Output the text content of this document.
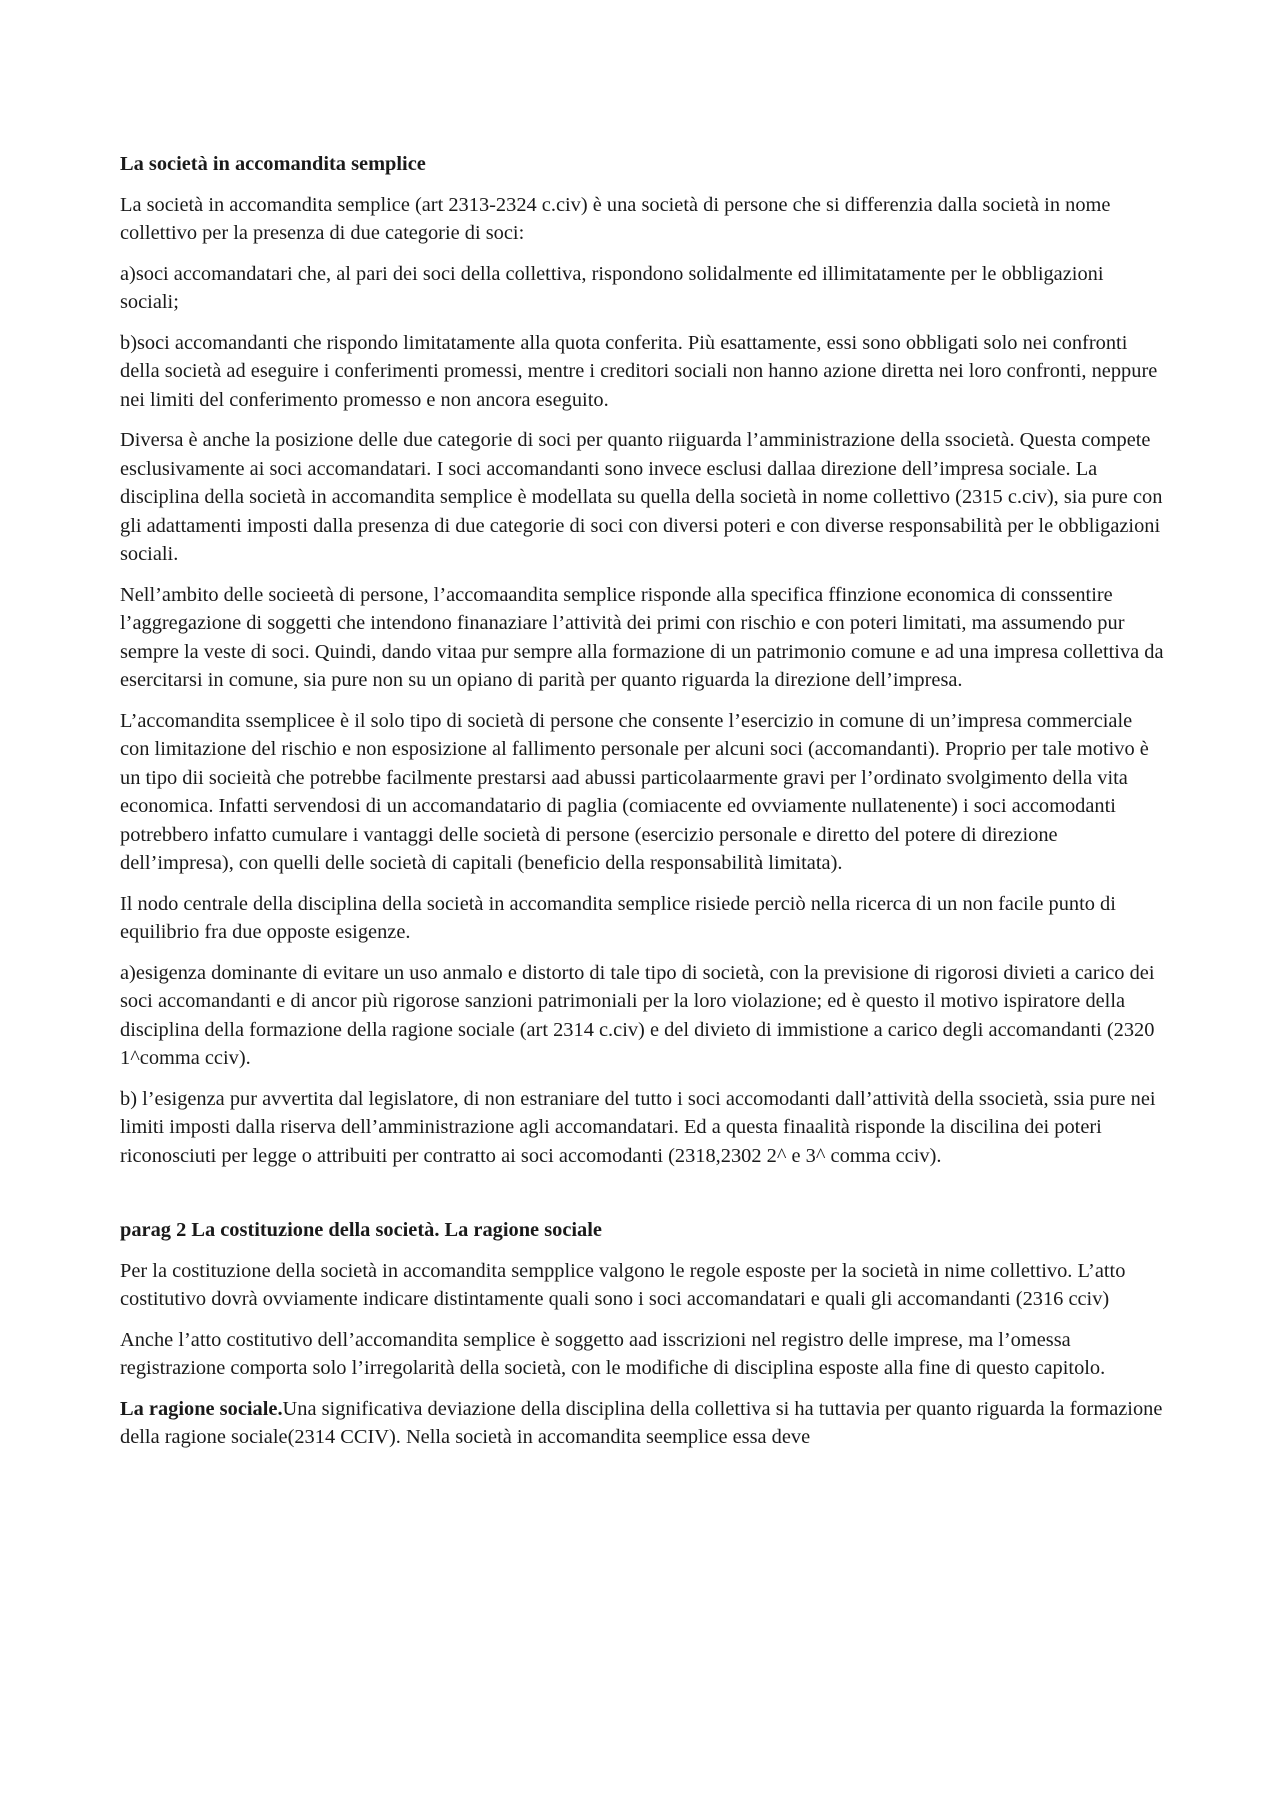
La società in accomandita semplice

La società in accomandita semplice (art 2313-2324 c.civ) è una società di persone che si differenzia dalla società in nome collettivo per la presenza di due categorie di soci:

a)soci accomandatari che, al pari dei soci della collettiva, rispondono solidalmente ed illimitatamente per le obbligazioni sociali;

b)soci accomandanti che rispondo limitatamente alla quota conferita. Più esattamente, essi sono obbligati solo nei confronti della società ad eseguire i conferimenti promessi, mentre i creditori sociali non hanno azione diretta nei loro confronti, neppure nei limiti del conferimento promesso e non ancora eseguito.

Diversa è anche la posizione delle due categorie di soci per quanto riiguarda l’amministrazione della ssocietà. Questa compete esclusivamente ai soci accomandatari. I soci accomandanti sono invece esclusi dallaa direzione dell’impresa sociale. La disciplina della società in accomandita semplice è modellata su quella della società in nome collettivo (2315 c.civ), sia pure con gli adattamenti imposti dalla presenza di due categorie di soci con diversi poteri e con diverse responsabilità per le obbligazioni sociali.

Nell’ambito delle socieetà di persone, l’accomaandita semplice risponde alla specifica ffinzione economica di conssentire l’aggregazione di soggetti che intendono finanaziare l’attività dei primi con rischio e con poteri limitati, ma assumendo pur sempre la veste di soci. Quindi, dando vitaa pur sempre alla formazione di un patrimonio comune e ad una impresa collettiva da esercitarsi in comune, sia pure non su un opiano di parità per quanto riguarda la direzione dell’impresa.

L’accomandita ssemplicee è il solo tipo di società di persone che consente l’esercizio in comune di un’impresa commerciale con limitazione del rischio e non esposizione al fallimento personale per alcuni soci (accomandanti). Proprio per tale motivo è un tipo dii socieità che potrebbe facilmente prestarsi aad abussi particolaarmente gravi per l’ordinato svolgimento della vita economica. Infatti servendosi di un accomandatario di paglia (comiacente ed ovviamente nullatenente) i soci accomodanti potrebbero infatto cumulare i vantaggi delle società di persone (esercizio personale e diretto del potere di direzione dell’impresa), con quelli delle società di capitali (beneficio della responsabilità limitata).

Il nodo centrale della disciplina della società in accomandita semplice risiede perciò nella ricerca di un non facile punto di equilibrio fra due opposte esigenze.

a)esigenza dominante di evitare un uso anmalo e distorto di tale tipo di società, con la previsione di rigorosi divieti a carico dei soci accomandanti e di ancor più rigorose sanzioni patrimoniali per la loro violazione; ed è questo il motivo ispiratore della disciplina della formazione della ragione sociale (art 2314 c.civ) e del divieto di immistione a carico degli accomandanti (2320 1^comma cciv).

b) l’esigenza pur avvertita dal legislatore, di non estraniare del tutto i soci accomodanti dall’attività della ssocietà, ssia pure nei limiti imposti dalla riserva dell’amministrazione agli accomandatari. Ed a questa finaalità risponde la discilina dei poteri riconosciuti per legge o attribuiti per contratto ai soci accomodanti (2318,2302 2^ e 3^ comma cciv).

parag 2 La costituzione della società. La ragione sociale

Per la costituzione della società in accomandita sempplice valgono le regole esposte per la società in nime collettivo. L’atto costitutivo dovrà ovviamente indicare distintamente quali sono i soci accomandatari e quali gli accomandanti (2316 cciv)

Anche l’atto costitutivo dell’accomandita semplice è soggetto aad isscrizioni nel registro delle imprese, ma l’omessa registrazione comporta solo l’irregolarità della società, con le modifiche di disciplina esposte alla fine di questo capitolo.

La ragione sociale.Una significativa deviazione della disciplina della collettiva si ha tuttavia per quanto riguarda la formazione della ragione sociale(2314 CCIV). Nella società in accomandita seemplice essa deve
